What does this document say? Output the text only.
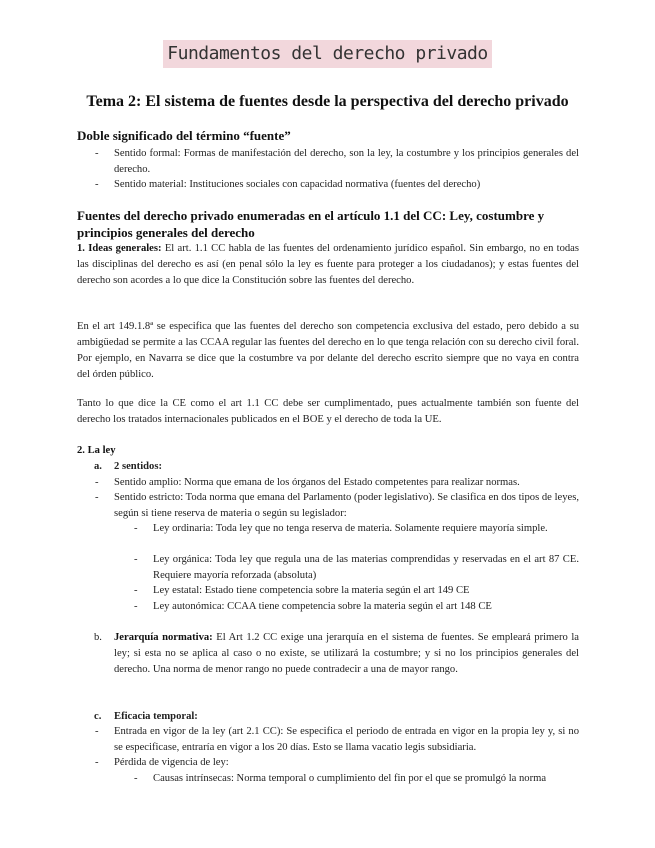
Fundamentos del derecho privado
Tema 2: El sistema de fuentes desde la perspectiva del derecho privado
Doble significado del término “fuente”
- Sentido formal: Formas de manifestación del derecho, son la ley, la costumbre y los principios generales del derecho.
- Sentido material: Instituciones sociales con capacidad normativa (fuentes del derecho)
Fuentes del derecho privado enumeradas en el artículo 1.1 del CC: Ley, costumbre y principios generales del derecho
1. Ideas generales: El art. 1.1 CC habla de las fuentes del ordenamiento jurídico español. Sin embargo, no en todas las disciplinas del derecho es así (en penal sólo la ley es fuente para proteger a los ciudadanos); y estas fuentes del derecho son acordes a lo que dice la Constitución sobre las fuentes del derecho.
En el art 149.1.8ª se especifica que las fuentes del derecho son competencia exclusiva del estado, pero debido a su ambigüedad se permite a las CCAA regular las fuentes del derecho en lo que tenga relación con su derecho civil foral. Por ejemplo, en Navarra se dice que la costumbre va por delante del derecho escrito siempre que no vaya en contra del órden público.
Tanto lo que dice la CE como el art 1.1 CC debe ser cumplimentado, pues actualmente también son fuente del derecho los tratados internacionales publicados en el BOE y el derecho de toda la UE.
2. La ley
a. 2 sentidos:
- Sentido amplio: Norma que emana de los órganos del Estado competentes para realizar normas.
- Sentido estricto: Toda norma que emana del Parlamento (poder legislativo). Se clasifica en dos tipos de leyes, según si tiene reserva de materia o según su legislador:
- Ley ordinaria: Toda ley que no tenga reserva de materia. Solamente requiere mayoría simple.
- Ley orgánica: Toda ley que regula una de las materias comprendidas y reservadas en el art 87 CE. Requiere mayoría reforzada (absoluta)
- Ley estatal: Estado tiene competencia sobre la materia según el art 149 CE
- Ley autonómica: CCAA tiene competencia sobre la materia según el art 148 CE
b. Jerarquía normativa: El Art 1.2 CC exige una jerarquía en el sistema de fuentes. Se empleará primero la ley; si esta no se aplica al caso o no existe, se utilizará la costumbre; y si no los principios generales del derecho. Una norma de menor rango no puede contradecir a una de mayor rango.
c. Eficacia temporal:
- Entrada en vigor de la ley (art 2.1 CC): Se especifica el periodo de entrada en vigor en la propia ley y, si no se especificase, entraría en vigor a los 20 días. Esto se llama vacatio legis subsidiaria.
- Pérdida de vigencia de ley:
- Causas intrínsecas: Norma temporal o cumplimiento del fin por el que se promulgó la norma
